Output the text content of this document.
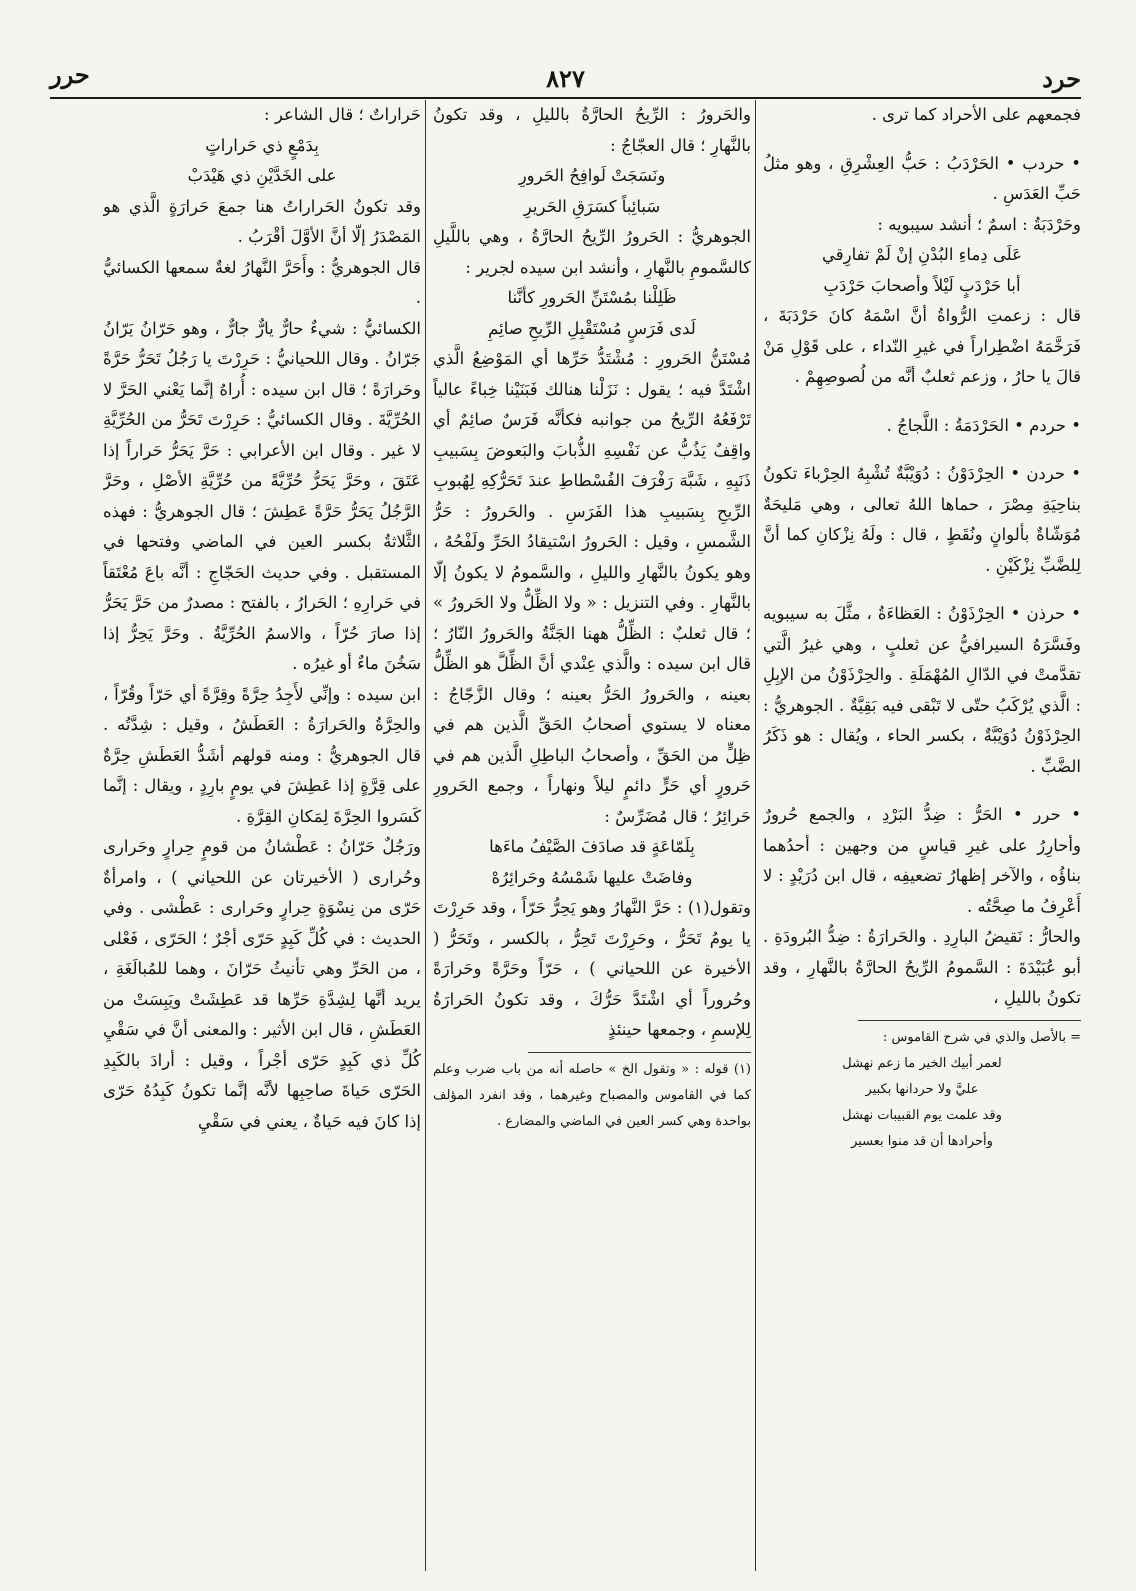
حرد
٨٢٧
حرر

فجمعهم على الأحراد كما ترى .

• حردب • الحَرْدَبُ : حَبُّ العِشْرِقِ ، وهو مثلُ حَبِّ العَدَسِ .

وحَرْدَبَةُ : اسمٌ ؛ أنشد سيبويه :

عَلَى دِماءِ البُدْنِ إنْ لَمْ تفارِقي

أبا حَرْدَبٍ لَيْلاً وأصحابَ حَرْدَبِ

قال : زعمتِ الرُّواةُ أنَّ اسْمَهُ كانَ حَرْدَبَةَ ، فَرَخَّمَهُ اضْطِراراً في غيرِ النّداء ، على قَوْلِ مَنْ قالَ يا حارُ ، وزعم ثعلبٌ أنَّه من لُصوصِهِمْ .

• حردم • الحَرْدَمَةُ : اللَّجاجُ .

• حردن • الحِرْدَوْنُ : دُوَيْبَّةٌ تُشْبِهُ الحِرْباءَ تكونُ بناحِيَةِ مِصْرَ ، حماها اللهُ تعالى ، وهي مَليحَةٌ مُوَشّاةٌ بألوانٍ ونُقَطٍ ، قال : ولَهُ نِزْكانِ كما أنَّ لِلضَّبِّ نِزْكَيْنِ .

• حرذن • الحِرْذَوْنُ : العَظاءَةُ ، مثَّلَ به سيبويه وفَسَّرَهُ السيرافيُّ عن ثعلبٍ ، وهي غيرُ الَّتي تقدَّمتْ في الدّالِ المُهْمَلَةِ . والحِرْذَوْنُ من الإبِلِ : الَّذي يُرْكَبُ حتّى لا تَبْقى فيه بَقِيَّةٌ . الجوهريُّ : الحِرْذَوْنُ دُوَيْبَّةٌ ، بكسر الحاء ، ويُقال : هو ذَكَرُ الضَّبِّ .

• حرر • الحَرُّ : ضِدُّ البَرْدِ ، والجمع حُرورٌ وأحارِرُ على غيرِ قياسٍ من وجهين : أحدُهما بناؤُه ، والآخر إظهارُ تضعيفِه ، قال ابن دُرَيْدٍ : لا أَعْرِفُ ما صِحَّتُه .

والحارُّ : نَقيضُ البارِدِ . والحَرارَةُ : ضِدُّ البُرودَةِ . أبو عُبَيْدَةَ : السَّمومُ الرِّيحُ الحارَّةُ بالنَّهارِ ، وقد تكونُ بالليلِ ،

= بالأصل والذي في شرح القاموس :

لعمر أبيك الخير ما زعم نهشل

عليَّ ولا حردانها بكبير

وقد علمت يوم القبيبات نهشل

وأحرادها أن قد منوا بعسير

والحَرورُ : الرِّيحُ الحارَّةُ بالليلِ ، وقد تكونُ بالنَّهارِ ؛ قال العجّاجُ :

ونَسَجَتْ لَوافِحُ الحَرورِ

سَبائِباً كسَرَقِ الحَريرِ

الجوهريُّ : الحَرورُ الرِّيحُ الحارَّةُ ، وهي باللَّيلِ كالسَّمومِ بالنَّهارِ ، وأنشد ابن سيده لجرير :

ظَلِلْنا بمُسْتَنِّ الحَرورِ كأنَّنا

لَدى فَرَسٍ مُسْتَقْبِلِ الرِّيحِ صائِمِ

مُسْتَنُّ الحَرورِ : مُشْتَدُّ حَرِّها أي المَوْضِعُ الَّذي اشْتَدَّ فيه ؛ يقول : نَزَلْنا هنالك فَبَنَيْنا خِباءً عالياً تَرْفَعُهُ الرِّيحُ من جوانبه فكأنَّه فَرَسٌ صائِمٌ أي واقِفٌ يَذُبُّ عن نَفْسِهِ الذُّبابَ والبَعوضَ بِسَبيبِ ذَنَبِهِ ، شَبَّهَ رَفْرَفَ الفُسْطاطِ عندَ تَحَرُّكِهِ لِهُبوبِ الرِّيحِ بِسَبيبِ هذا الفَرَسِ . والحَرورُ : حَرُّ الشَّمسِ ، وقيل : الحَرورُ اسْتيقادُ الحَرِّ ولَفْحُهُ ، وهو يكونُ بالنَّهارِ والليلِ ، والسَّمومُ لا يكونُ إلّا بالنَّهارِ . وفي التنزيل : « ولا الظِّلُّ ولا الحَرورُ » ؛ قال ثعلبٌ : الظِّلُّ ههنا الجَنَّةُ والحَرورُ النّارُ ؛ قال ابن سيده : والَّذي عِنْدي أنَّ الظِّلَّ هو الظِّلُّ بعينه ، والحَرورُ الحَرُّ بعينه ؛ وقال الزَّجّاجُ : معناه لا يستوي أصحابُ الحَقِّ الَّذين هم في ظِلٍّ من الحَقِّ ، وأصحابُ الباطِلِ الَّذين هم في حَرورٍ أي حَرٍّ دائمٍ ليلاً ونهاراً ، وجمع الحَرورِ حَرائِرُ ؛ قال مُضَرِّسٌ :

بِلَمّاعَةٍ قد صادَفَ الصَّيْفُ ماءَها

وفاضَتْ عليها شَمْسُهُ وحَرائِرُهْ

وتقول(١) : حَرَّ النَّهارُ وهو يَحِرُّ حَرّاً ، وقد حَرِرْتَ يا يومُ تَحَرُّ ، وحَرِرْتَ تَحِرُّ ، بالكسر ، وتَحَرُّ ( الأخيرة عن اللحياني ) ، حَرّاً وحَرَّةً وحَرارَةً وحُروراً أي اشْتَدَّ حَرُّكَ ، وقد تكونُ الحَرارَةُ لِلإسمِ ، وجمعها حينئذٍ

(١) قوله : « وتقول الخ » حاصله أنه من باب ضرب وعلم كما في القاموس والمصباح وغيرهما ، وقد انفرد المؤلف بواحدة وهي كسر العين في الماضي والمضارع .

حَراراتٌ ؛ قال الشاعر :

بِدَمْعٍ ذي حَراراتٍ

على الخَدَّيْنِ ذي هَيْدَبْ

وقد تكونُ الحَراراتُ هنا جمعَ حَرارَةٍ الَّذي هو المَصْدَرُ إلّا أنَّ الأوَّلَ أقْرَبُ .

قال الجوهريُّ : وأَحَرَّ النَّهارُ لغةٌ سمعها الكسائيُّ .

الكسائيُّ : شيءٌ حارٌّ يارٌّ جارٌّ ، وهو حَرّانُ يَرّانُ جَرّانُ . وقال اللحيانيُّ : حَرِرْتَ يا رَجُلُ تَحَرُّ حَرَّةً وحَرارَةً ؛ قال ابن سيده : أُراهُ إنَّما يَعْني الحَرَّ لا الحُرِّيَّةَ . وقال الكسائيُّ : حَرِرْتَ تَحَرُّ من الحُرِّيَّةِ لا غير . وقال ابن الأعرابي : حَرَّ يَحَرُّ حَراراً إذا عَتَقَ ، وحَرَّ يَحَرُّ حُرِّيَّةً من حُرِّيَّةِ الأصْلِ ، وحَرَّ الرَّجُلُ يَحَرُّ حَرَّةً عَطِشَ ؛ قال الجوهريُّ : فهذه الثَّلاثةُ بكسر العين في الماضي وفتحها في المستقبل . وفي حديث الحَجّاجِ : أنَّه باعَ مُعْتَقاً في حَرارِهِ ؛ الحَرارُ ، بالفتح : مصدرٌ من حَرَّ يَحَرُّ إذا صارَ حُرّاً ، والاسمُ الحُرِّيَّةُ . وحَرَّ يَحِرُّ إذا سَخُنَ ماءٌ أو غيرُه .

ابن سيده : وإنِّي لأَجِدُ حِرَّةً وقِرَّةً أي حَرّاً وقُرّاً ، والحِرَّةُ والحَرارَةُ : العَطَشُ ، وقيل : شِدَّتُه . قال الجوهريُّ : ومنه قولهم أشَدُّ العَطَشِ حِرَّةٌ على قِرَّةٍ إذا عَطِشَ في يومٍ بارِدٍ ، ويقال : إنَّما كَسَروا الحِرَّةَ لِمَكانِ القِرَّةِ .

ورَجُلٌ حَرّانُ : عَطْشانُ من قومٍ حِرارٍ وحَرارى وحُرارى ( الأخيرتان عن اللحياني ) ، وامرأةٌ حَرّى من نِسْوَةٍ حِرارٍ وحَرارى : عَطْشى . وفي الحديث : في كُلِّ كَبِدٍ حَرّى أجْرٌ ؛ الحَرّى ، فَعْلى ، من الحَرِّ وهي تأنيثُ حَرّانَ ، وهما للمُبالَغَةِ ، يريد أنَّها لِشِدَّةِ حَرِّها قد عَطِشَتْ ويَبِسَتْ من العَطَشِ ، قال ابن الأثير : والمعنى أنَّ في سَقْيِ كُلِّ ذي كَبِدٍ حَرّى أجْراً ، وقيل : أرادَ بالكَبِدِ الحَرّى حَياةَ صاحِبِها لأنَّه إنَّما تكونُ كَبِدُهُ حَرّى إذا كانَ فيه حَياةٌ ، يعني في سَقْيِ
